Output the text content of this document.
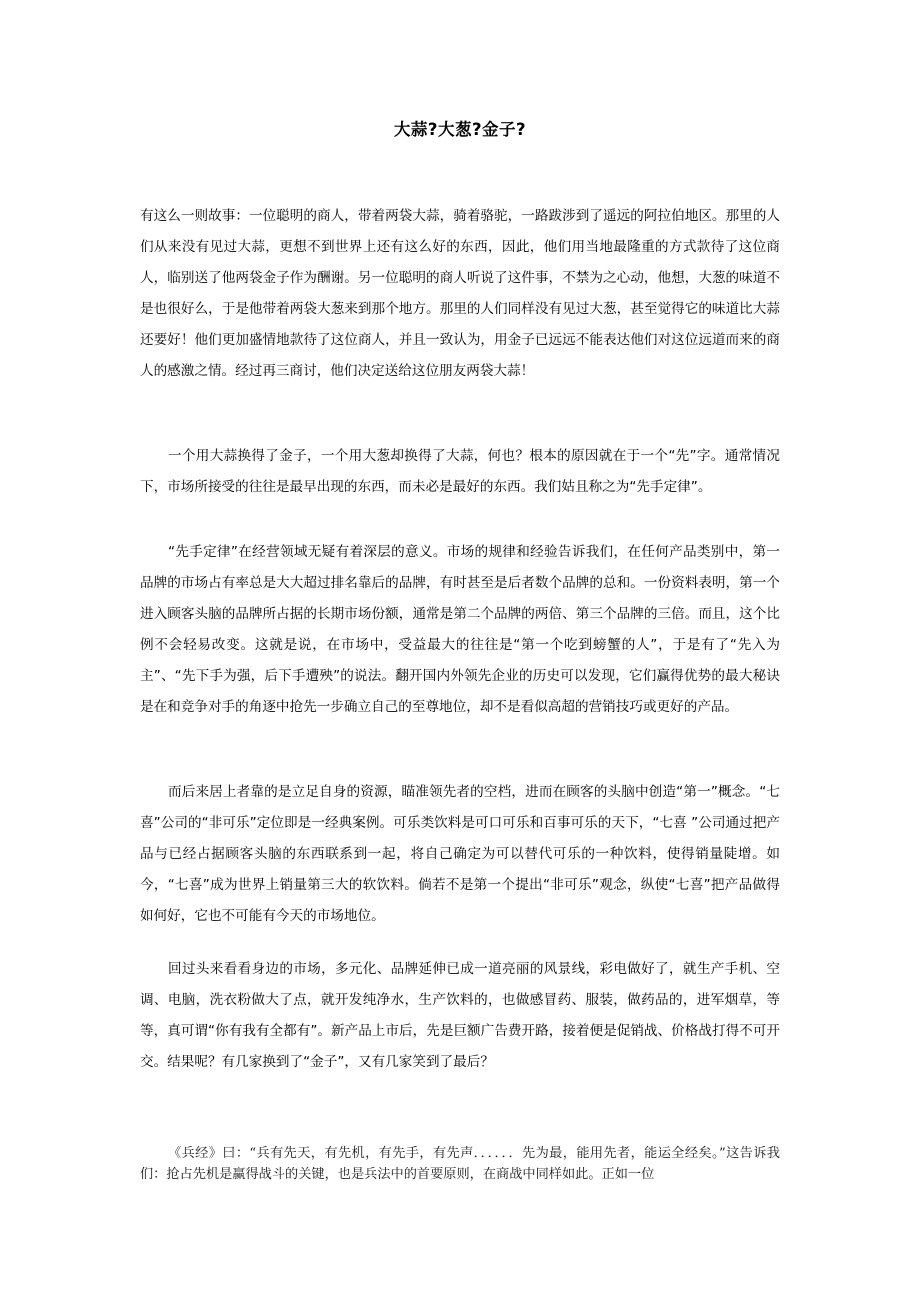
大蒜?大葱?金子?

有这么一则故事：一位聪明的商人，带着两袋大蒜，骑着骆驼，一路跋涉到了遥远的阿拉伯地区。那里的人们从来没有见过大蒜，更想不到世界上还有这么好的东西，因此，他们用当地最隆重的方式款待了这位商人，临别送了他两袋金子作为酬谢。另一位聪明的商人听说了这件事，不禁为之心动，他想，大葱的味道不是也很好么，于是他带着两袋大葱来到那个地方。那里的人们同样没有见过大葱，甚至觉得它的味道比大蒜还要好！他们更加盛情地款待了这位商人，并且一致认为，用金子已远远不能表达他们对这位远道而来的商人的感激之情。经过再三商讨，他们决定送给这位朋友两袋大蒜！

一个用大蒜换得了金子，一个用大葱却换得了大蒜，何也？根本的原因就在于一个“先”字。通常情况下，市场所接受的往往是最早出现的东西，而未必是最好的东西。我们姑且称之为“先手定律”。

“先手定律”在经营领域无疑有着深层的意义。市场的规律和经验告诉我们，在任何产品类别中，第一品牌的市场占有率总是大大超过排名靠后的品牌，有时甚至是后者数个品牌的总和。一份资料表明，第一个进入顾客头脑的品牌所占据的长期市场份额，通常是第二个品牌的两倍、第三个品牌的三倍。而且，这个比例不会轻易改变。这就是说，在市场中，受益最大的往往是“第一个吃到螃蟹的人”，于是有了“先入为主”、“先下手为强，后下手遭殃”的说法。翻开国内外领先企业的历史可以发现，它们赢得优势的最大秘诀是在和竞争对手的角逐中抢先一步确立自己的至尊地位，却不是看似高超的营销技巧或更好的产品。

而后来居上者靠的是立足自身的资源，瞄准领先者的空档，进而在顾客的头脑中创造“第一”概念。“七喜”公司的“非可乐”定位即是一经典案例。可乐类饮料是可口可乐和百事可乐的天下，“七喜 ”公司通过把产品与已经占据顾客头脑的东西联系到一起，将自己确定为可以替代可乐的一种饮料，使得销量陡增。如今，“七喜”成为世界上销量第三大的软饮料。倘若不是第一个提出“非可乐”观念，纵使“七喜”把产品做得如何好，它也不可能有今天的市场地位。

回过头来看看身边的市场，多元化、品牌延伸已成一道亮丽的风景线，彩电做好了，就生产手机、空调、电脑，洗衣粉做大了点，就开发纯净水，生产饮料的，也做感冒药、服装，做药品的，进军烟草，等等，真可谓“你有我有全都有”。新产品上市后，先是巨额广告费开路，接着便是促销战、价格战打得不可开交。结果呢？有几家换到了“金子”，又有几家笑到了最后？

《兵经》曰：“兵有先天，有先机，有先手，有先声．．．．．．先为最，能用先者，能运全经矣。”这告诉我们：抢占先机是赢得战斗的关键，也是兵法中的首要原则，在商战中同样如此。正如一位
